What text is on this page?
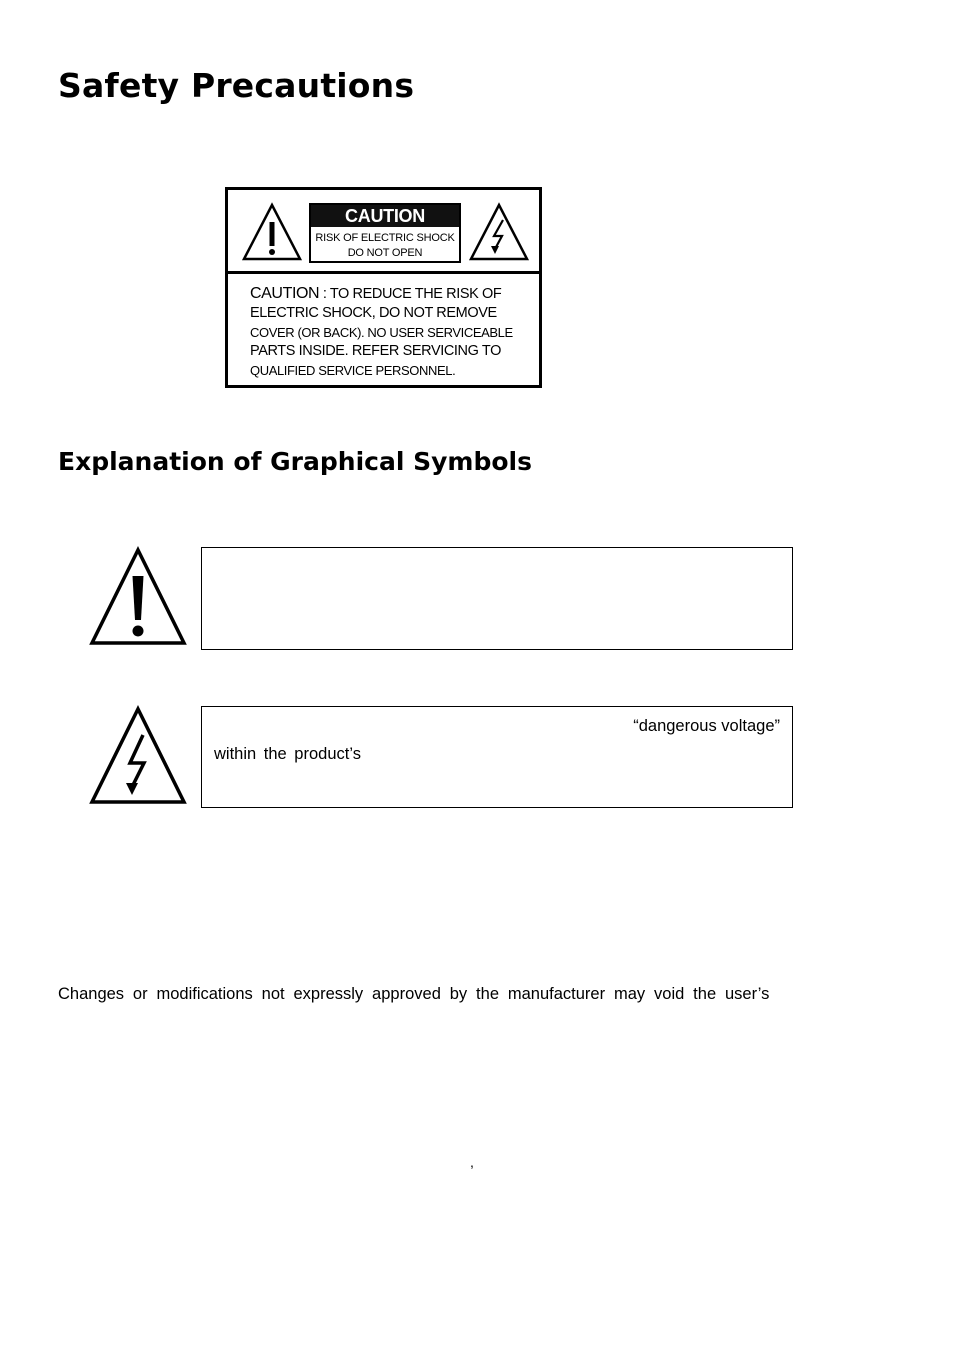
Safety Precautions
CAUTION
RISK OF ELECTRIC SHOCK
DO NOT OPEN
CAUTION : TO REDUCE THE RISK OF
ELECTRIC SHOCK, DO NOT REMOVE
COVER (OR BACK). NO USER SERVICEABLE
PARTS INSIDE. REFER SERVICING TO
QUALIFIED SERVICE PERSONNEL.
Explanation of Graphical Symbols
“dangerous voltage”
within the product’s
Changes or modifications not expressly approved by the manufacturer may void the user’s
,
